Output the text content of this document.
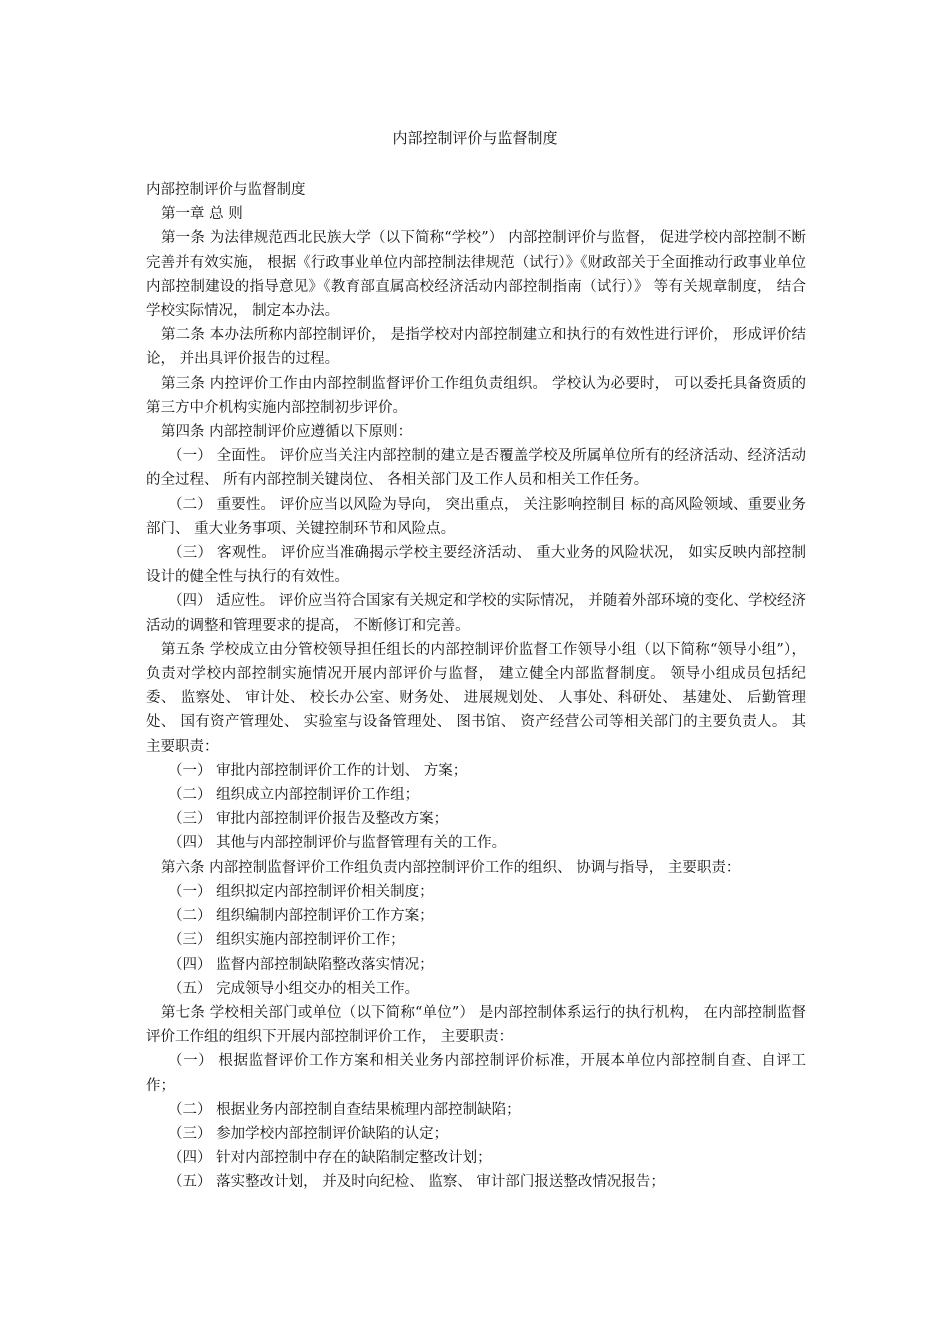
内部控制评价与监督制度

内部控制评价与监督制度

第一章 总 则

第一条 为法律规范西北民族大学（以下简称“学校”） 内部控制评价与监督， 促进学校内部控制不断完善并有效实施， 根据《行政事业单位内部控制法律规范（试行）》《财政部关于全面推动行政事业单位内部控制建设的指导意见》《教育部直属高校经济活动内部控制指南（试行）》 等有关规章制度， 结合学校实际情况， 制定本办法。

第二条 本办法所称内部控制评价， 是指学校对内部控制建立和执行的有效性进行评价， 形成评价结论， 并出具评价报告的过程。

第三条 内控评价工作由内部控制监督评价工作组负责组织。 学校认为必要时， 可以委托具备资质的第三方中介机构实施内部控制初步评价。

第四条 内部控制评价应遵循以下原则：

（一） 全面性。 评价应当关注内部控制的建立是否覆盖学校及所属单位所有的经济活动、经济活动的全过程、 所有内部控制关键岗位、 各相关部门及工作人员和相关工作任务。

（二） 重要性。 评价应当以风险为导向， 突出重点， 关注影响控制目 标的高风险领域、重要业务部门、 重大业务事项、关键控制环节和风险点。

（三） 客观性。 评价应当准确揭示学校主要经济活动、 重大业务的风险状况， 如实反映内部控制设计的健全性与执行的有效性。

（四） 适应性。 评价应当符合国家有关规定和学校的实际情况， 并随着外部环境的变化、学校经济活动的调整和管理要求的提高， 不断修订和完善。

第五条 学校成立由分管校领导担任组长的内部控制评价监督工作领导小组（以下简称“领导小组”）， 负责对学校内部控制实施情况开展内部评价与监督， 建立健全内部监督制度。 领导小组成员包括纪委、 监察处、 审计处、 校长办公室、财务处、 进展规划处、 人事处、科研处、 基建处、 后勤管理处、 国有资产管理处、 实验室与设备管理处、 图书馆、 资产经营公司等相关部门的主要负责人。 其主要职责：

（一） 审批内部控制评价工作的计划、 方案；

（二） 组织成立内部控制评价工作组；

（三） 审批内部控制评价报告及整改方案；

（四） 其他与内部控制评价与监督管理有关的工作。

第六条 内部控制监督评价工作组负责内部控制评价工作的组织、 协调与指导， 主要职责：

（一） 组织拟定内部控制评价相关制度；

（二） 组织编制内部控制评价工作方案；

（三） 组织实施内部控制评价工作；

（四） 监督内部控制缺陷整改落实情况；

（五） 完成领导小组交办的相关工作。

第七条 学校相关部门或单位（以下简称“单位”） 是内部控制体系运行的执行机构， 在内部控制监督评价工作组的组织下开展内部控制评价工作， 主要职责：

（一） 根据监督评价工作方案和相关业务内部控制评价标准，开展本单位内部控制自查、自评工作；

（二） 根据业务内部控制自查结果梳理内部控制缺陷；

（三） 参加学校内部控制评价缺陷的认定；

（四） 针对内部控制中存在的缺陷制定整改计划；

（五） 落实整改计划， 并及时向纪检、 监察、 审计部门报送整改情况报告；
